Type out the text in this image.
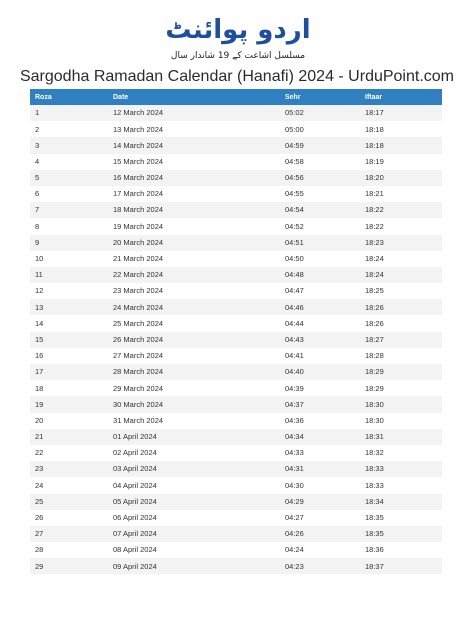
اردو پوائنٹ
مسلسل اشاعت کے 19 شاندار سال
Sargodha Ramadan Calendar (Hanafi) 2024 - UrduPoint.com
Roza	Date	Sehr	Iftaar
1	12 March 2024	05:02	18:17
2	13 March 2024	05:00	18:18
3	14 March 2024	04:59	18:18
4	15 March 2024	04:58	18:19
5	16 March 2024	04:56	18:20
6	17 March 2024	04:55	18:21
7	18 March 2024	04:54	18:22
8	19 March 2024	04:52	18:22
9	20 March 2024	04:51	18:23
10	21 March 2024	04:50	18:24
11	22 March 2024	04:48	18:24
12	23 March 2024	04:47	18:25
13	24 March 2024	04:46	18:26
14	25 March 2024	04:44	18:26
15	26 March 2024	04:43	18:27
16	27 March 2024	04:41	18:28
17	28 March 2024	04:40	18:29
18	29 March 2024	04:39	18:29
19	30 March 2024	04:37	18:30
20	31 March 2024	04:36	18:30
21	01 April 2024	04:34	18:31
22	02 April 2024	04:33	18:32
23	03 April 2024	04:31	18:33
24	04 April 2024	04:30	18:33
25	05 April 2024	04:29	18:34
26	06 April 2024	04:27	18:35
27	07 April 2024	04:26	18:35
28	08 April 2024	04:24	18:36
29	09 April 2024	04:23	18:37
